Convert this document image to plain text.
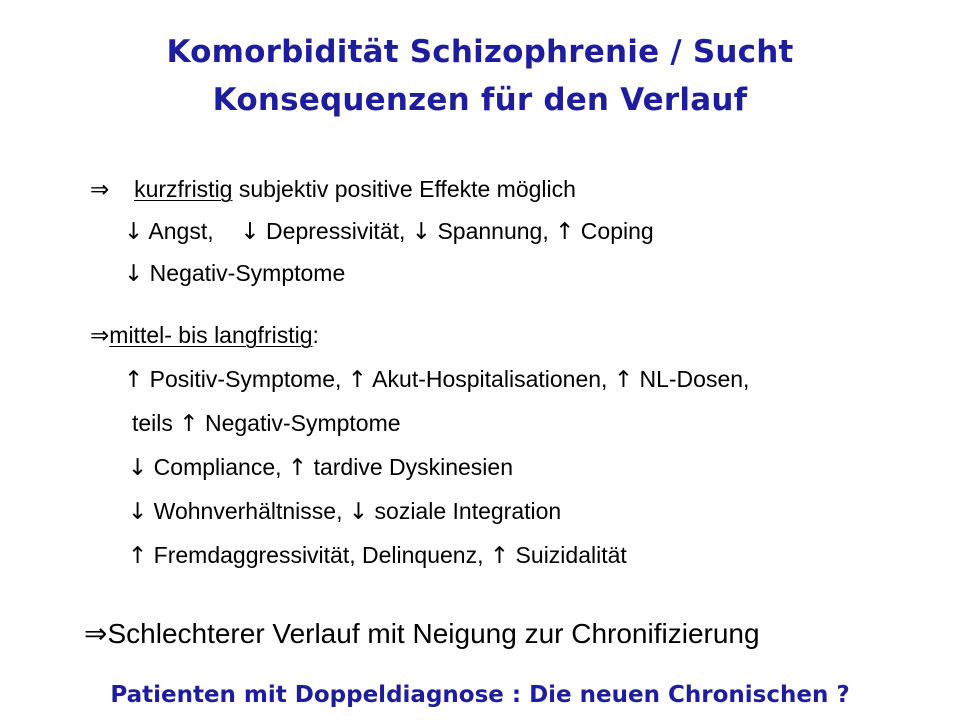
Komorbidität Schizophrenie / Sucht
Konsequenzen für den Verlauf
⇒ kurzfristig subjektiv positive Effekte möglich
↓ Angst, ↓ Depressivität, ↓ Spannung, ↑ Coping
↓ Negativ-Symptome
⇒mittel- bis langfristig:
↑ Positiv-Symptome, ↑ Akut-Hospitalisationen, ↑ NL-Dosen,
teils ↑ Negativ-Symptome
↓ Compliance, ↑ tardive Dyskinesien
↓ Wohnverhältnisse, ↓ soziale Integration
↑ Fremdaggressivität, Delinquenz, ↑ Suizidalität
⇒Schlechterer Verlauf mit Neigung zur Chronifizierung
Patienten mit Doppeldiagnose : Die neuen Chronischen ?
